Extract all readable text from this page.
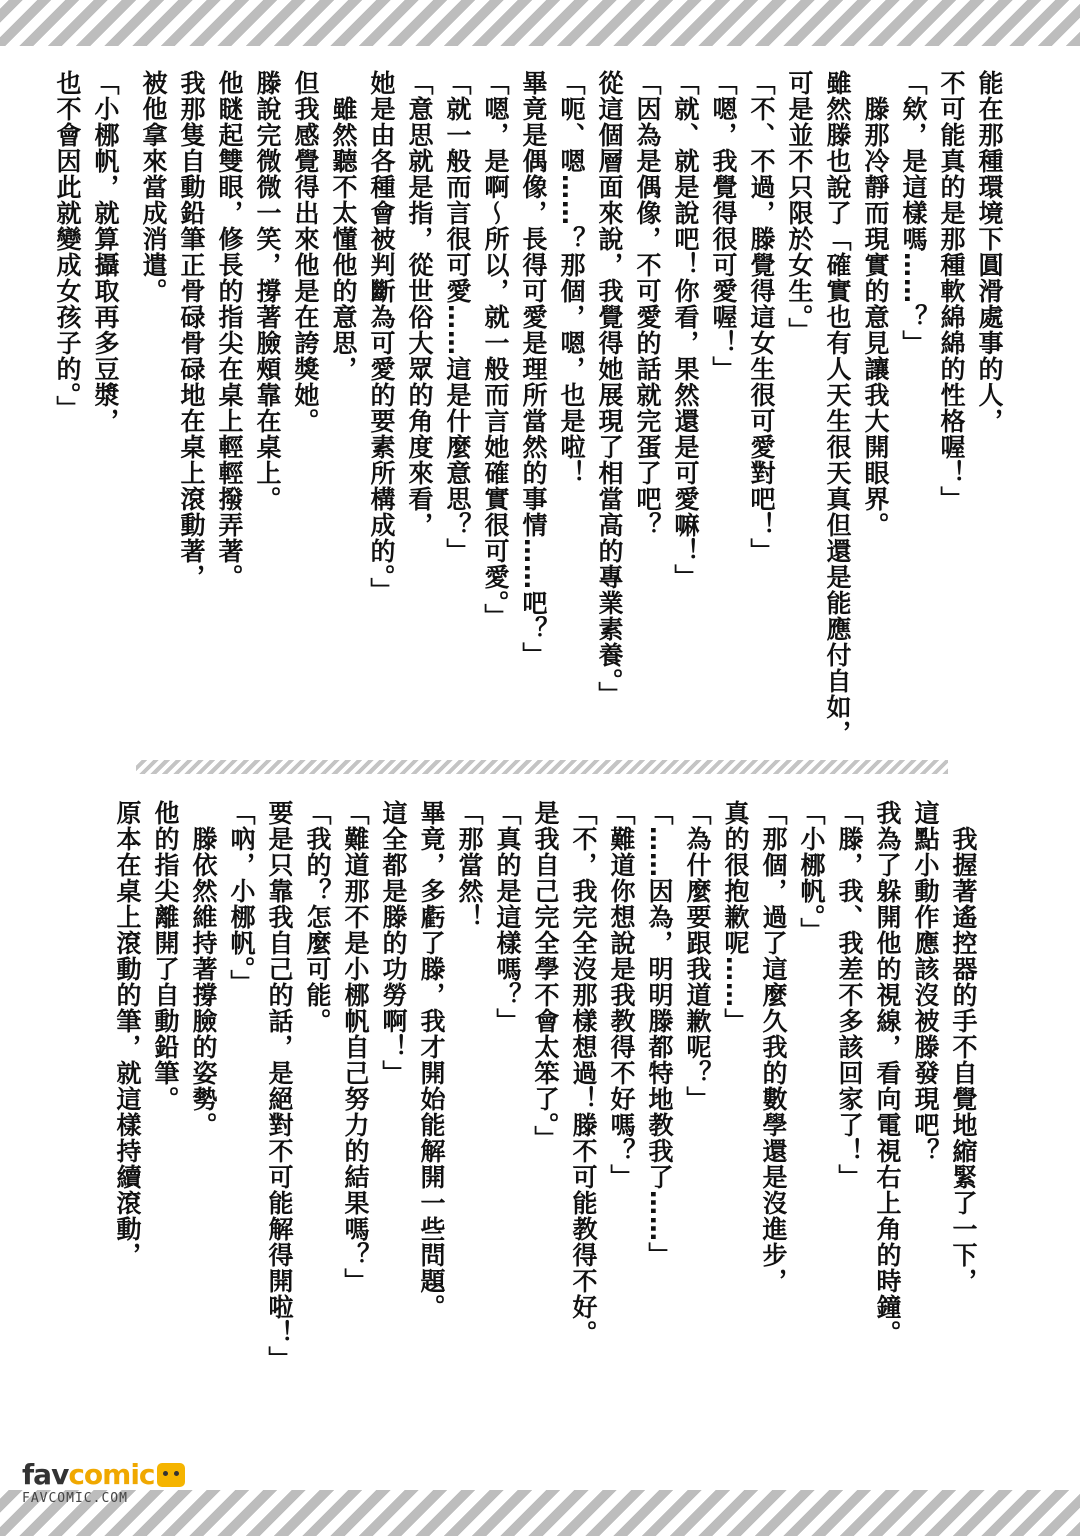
能在那種環境下圓滑處事的人，
不可能真的是那種軟綿綿的性格喔！」
「欸，是這樣嗎……？」
　滕那冷靜而現實的意見讓我大開眼界。
雖然滕也說了「確實也有人天生很天真但還是能應付自如，
可是並不只限於女生。」
「不、不過，滕覺得這女生很可愛對吧！」
「嗯，我覺得很可愛喔！」
「就、就是說吧！你看，果然還是可愛嘛！」
「因為是偶像，不可愛的話就完蛋了吧？
從這個層面來說，我覺得她展現了相當高的專業素養。」
「呃、嗯……？那個，嗯，也是啦！
畢竟是偶像，長得可愛是理所當然的事情……吧？」
「嗯，是啊～所以，就一般而言她確實很可愛。」
「就一般而言很可愛……這是什麼意思？」
「意思就是指，從世俗大眾的角度來看，
她是由各種會被判斷為可愛的要素所構成的。」
　雖然聽不太懂他的意思，
但我感覺得出來他是在誇獎她。
滕說完微微一笑，撐著臉頰靠在桌上。
他瞇起雙眼，修長的指尖在桌上輕輕撥弄著。
我那隻自動鉛筆正骨碌骨碌地在桌上滾動著，
被他拿來當成消遣。
「小梛帆，就算攝取再多豆漿，
也不會因此就變成女孩子的。」
　我握著遙控器的手不自覺地縮緊了一下，
這點小動作應該沒被滕發現吧？
我為了躲開他的視線，看向電視右上角的時鐘。
「滕，我、我差不多該回家了！」
「小梛帆。」
「那個，過了這麼久我的數學還是沒進步，
真的很抱歉呢……」
「為什麼要跟我道歉呢？」
「……因為，明明滕都特地教我了……」
「難道你想說是我教得不好嗎？」
「不，我完全沒那樣想過！滕不可能教得不好。
是我自己完全學不會太笨了。」
「真的是這樣嗎？」
「那當然！
畢竟，多虧了滕，我才開始能解開一些問題。
這全都是滕的功勞啊！」
「難道那不是小梛帆自己努力的結果嗎？」
「我的？怎麼可能。
要是只靠我自己的話，是絕對不可能解得開啦！」
「吶，小梛帆。」
　滕依然維持著撐臉的姿勢。
他的指尖離開了自動鉛筆。
原本在桌上滾動的筆，就這樣持續滾動，
fav comic
FAVCOMIC.COM
